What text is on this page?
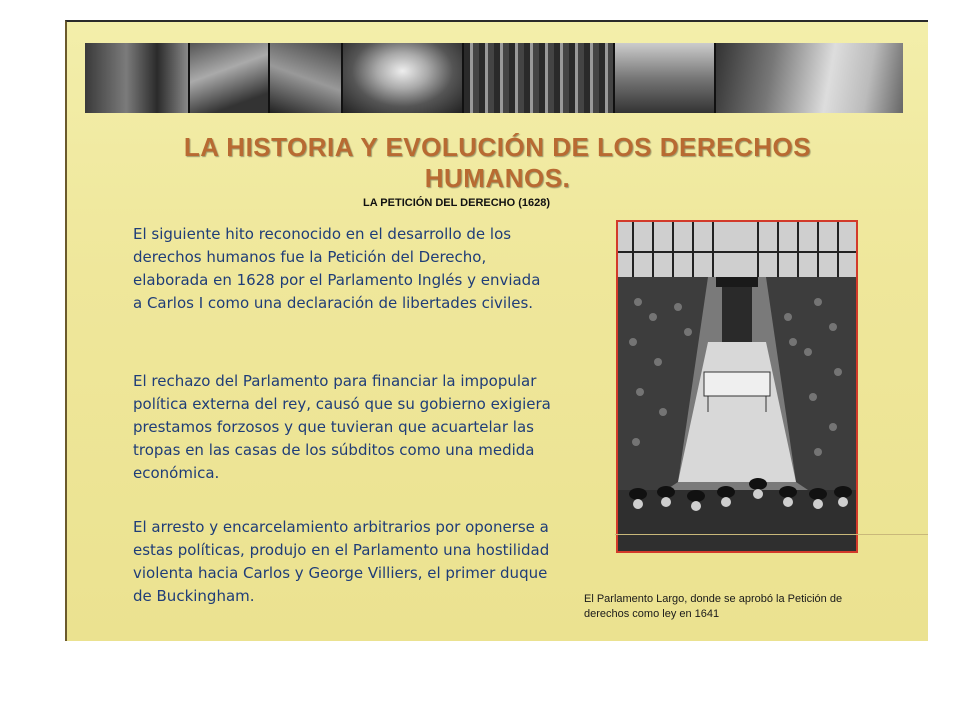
LA HISTORIA Y EVOLUCIÓN DE LOS DERECHOS
HUMANOS.
LA PETICIÓN DEL DERECHO (1628)

El siguiente hito reconocido en el desarrollo de los derechos humanos fue la Petición del Derecho, elaborada en 1628 por el Parlamento Inglés y enviada a Carlos I como una declaración de libertades civiles.

El rechazo del Parlamento para financiar la impopular política externa del rey, causó que su gobierno exigiera prestamos forzosos y que tuvieran que acuartelar las tropas en las casas de los súbditos como una medida económica.

El arresto y encarcelamiento arbitrarios por oponerse a estas políticas, produjo en el Parlamento una hostilidad violenta hacia Carlos y George Villiers, el primer duque de Buckingham.	El Parlamento Largo, donde se aprobó la Petición de derechos como ley en 1641
